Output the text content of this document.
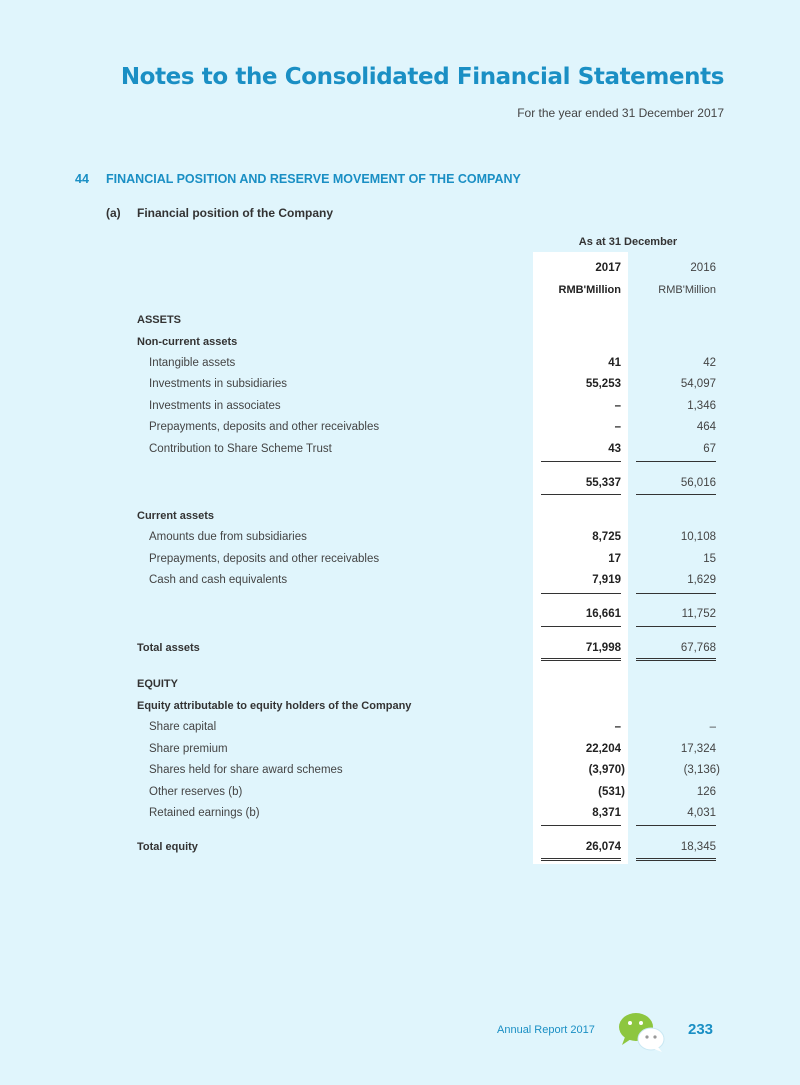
Notes to the Consolidated Financial Statements
For the year ended 31 December 2017
44 FINANCIAL POSITION AND RESERVE MOVEMENT OF THE COMPANY
(a) Financial position of the Company
As at 31 December
2017	2016
RMB'Million	RMB'Million
ASSETS
Non-current assets
Intangible assets	41	42
Investments in subsidiaries	55,253	54,097
Investments in associates	–	1,346
Prepayments, deposits and other receivables	–	464
Contribution to Share Scheme Trust	43	67
55,337	56,016
Current assets
Amounts due from subsidiaries	8,725	10,108
Prepayments, deposits and other receivables	17	15
Cash and cash equivalents	7,919	1,629
16,661	11,752
Total assets	71,998	67,768
EQUITY
Equity attributable to equity holders of the Company
Share capital	–	–
Share premium	22,204	17,324
Shares held for share award schemes	(3,970)	(3,136)
Other reserves (b)	(531)	126
Retained earnings (b)	8,371	4,031
Total equity	26,074	18,345
Annual Report 2017	233
